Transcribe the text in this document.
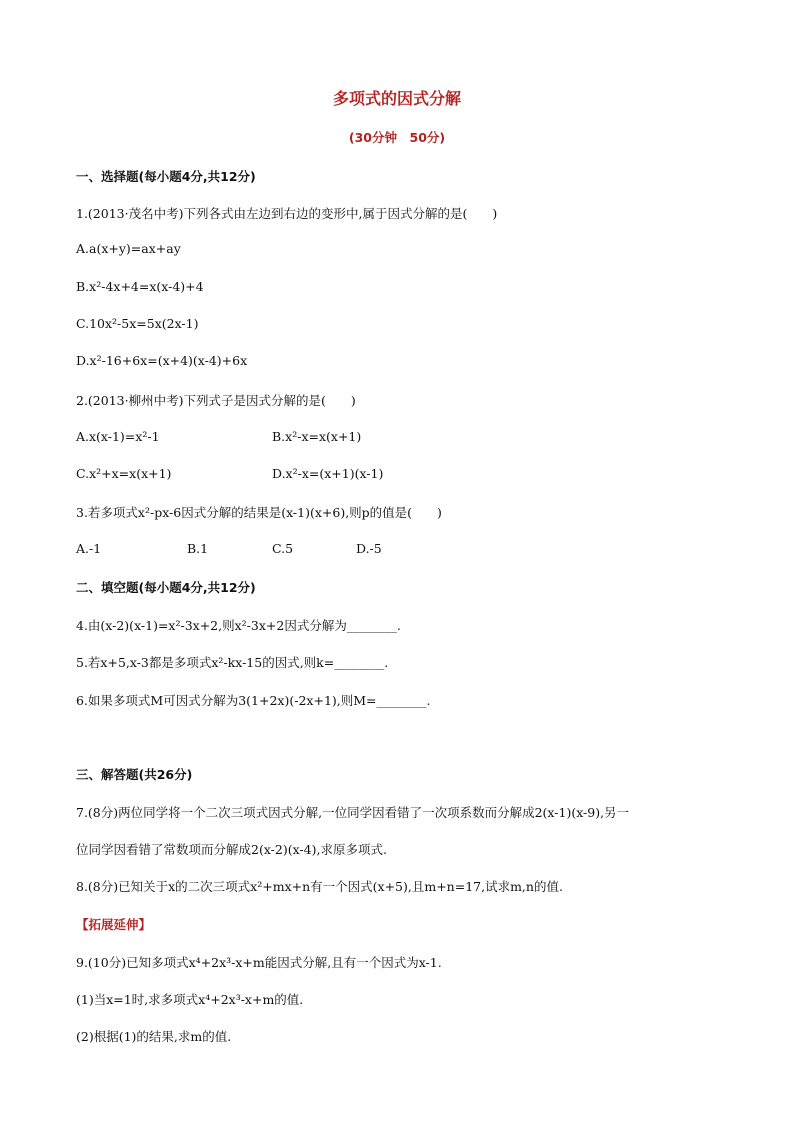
多项式的因式分解
(30分钟　50分)
一、选择题(每小题4分,共12分)
1.(2013·茂名中考)下列各式由左边到右边的变形中,属于因式分解的是(　　)
A.a(x+y)=ax+ay
B.x²-4x+4=x(x-4)+4
C.10x²-5x=5x(2x-1)
D.x²-16+6x=(x+4)(x-4)+6x
2.(2013·柳州中考)下列式子是因式分解的是(　　)
A.x(x-1)=x²-1	B.x²-x=x(x+1)
C.x²+x=x(x+1)	D.x²-x=(x+1)(x-1)
3.若多项式x²-px-6因式分解的结果是(x-1)(x+6),则p的值是(　　)
A.-1	B.1	C.5	D.-5
二、填空题(每小题4分,共12分)
4.由(x-2)(x-1)=x²-3x+2,则x²-3x+2因式分解为________.
5.若x+5,x-3都是多项式x²-kx-15的因式,则k=________.
6.如果多项式M可因式分解为3(1+2x)(-2x+1),则M=________.
三、解答题(共26分)
7.(8分)两位同学将一个二次三项式因式分解,一位同学因看错了一次项系数而分解成2(x-1)(x-9),另一
位同学因看错了常数项而分解成2(x-2)(x-4),求原多项式.
8.(8分)已知关于x的二次三项式x²+mx+n有一个因式(x+5),且m+n=17,试求m,n的值.
【拓展延伸】
9.(10分)已知多项式x⁴+2x³-x+m能因式分解,且有一个因式为x-1.
(1)当x=1时,求多项式x⁴+2x³-x+m的值.
(2)根据(1)的结果,求m的值.
